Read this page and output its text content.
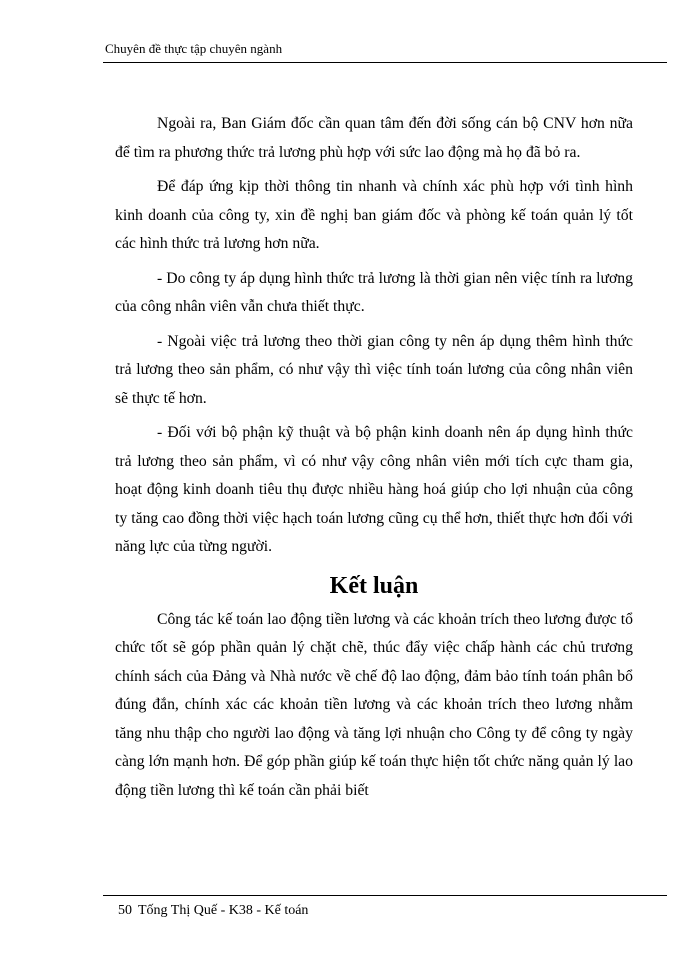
Chuyên đề thực tập chuyên ngành

Ngoài ra, Ban Giám đốc cần quan tâm đến đời sống cán bộ CNV hơn nữa để tìm ra phương thức trả lương phù hợp với sức lao động mà họ đã bỏ ra.

Để đáp ứng kịp thời thông tin nhanh và chính xác phù hợp với tình hình kinh doanh của công ty, xin đề nghị ban giám đốc và phòng kế toán quản lý tốt các hình thức trả lương hơn nữa.

- Do công ty áp dụng hình thức trả lương là thời gian nên việc tính ra lương của công nhân viên vẫn chưa thiết thực.

- Ngoài việc trả lương theo thời gian công ty nên áp dụng thêm hình thức trả lương theo sản phẩm, có như vậy thì việc tính toán lương của công nhân viên sẽ thực tế hơn.

- Đối với bộ phận kỹ thuật và bộ phận kinh doanh nên áp dụng hình thức trả lương theo sản phẩm, vì có như vậy công nhân viên mới tích cực tham gia, hoạt động kinh doanh tiêu thụ được nhiều hàng hoá giúp cho lợi nhuận của công ty tăng cao đồng thời việc hạch toán lương cũng cụ thể hơn, thiết thực hơn đối với năng lực của từng người.

Kết luận

Công tác kế toán lao động tiền lương và các khoản trích theo lương được tổ chức tốt sẽ góp phần quản lý chặt chẽ, thúc đẩy việc chấp hành các chủ trương chính sách của Đảng và Nhà nước về chế độ lao động, đảm bảo tính toán phân bổ đúng đắn, chính xác các khoản tiền lương và các khoản trích theo lương nhằm tăng nhu thập cho người lao động và tăng lợi nhuận cho Công ty để công ty ngày càng lớn mạnh hơn. Để góp phần giúp kế toán thực hiện tốt chức năng quản lý lao động tiền lương thì kế toán cần phải biết

50 Tống Thị Quế - K38 - Kế toán
